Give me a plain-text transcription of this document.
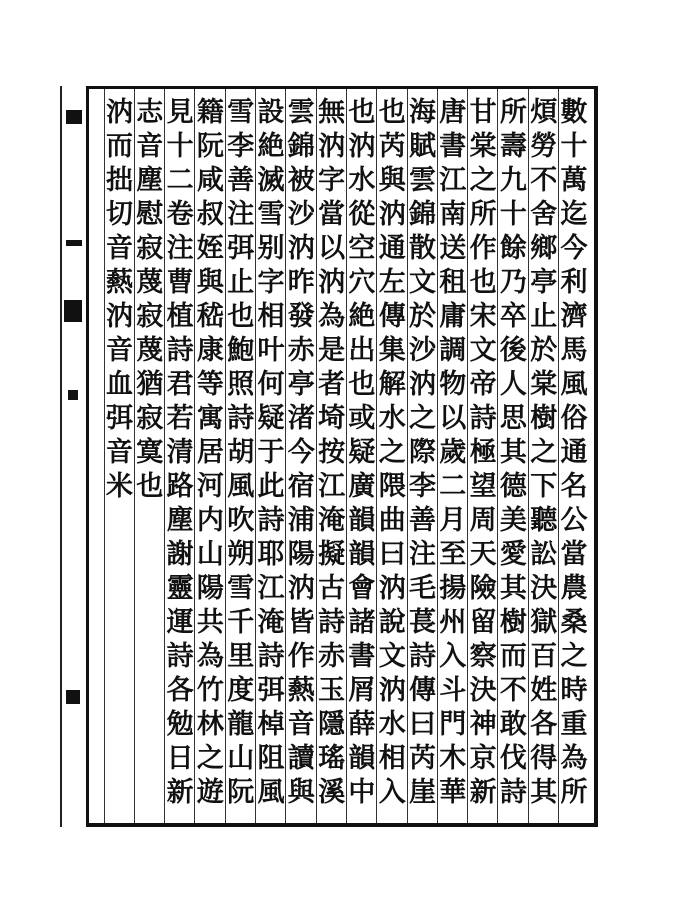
數
十
萬
迄
今
利
濟
馬
風
俗
通
名
公
當
農
桑
之
時
重
為
所
煩
勞
不
舍
鄉
亭
止
於
棠
樹
之
下
聽
訟
決
獄
百
姓
各
得
其
所
壽
九
十
餘
乃
卒
後
人
思
其
德
美
愛
其
樹
而
不
敢
伐
詩
甘
棠
之
所
作
也
宋
文
帝
詩
極
望
周
天
險
留
察
決
神
京
新
唐
書
江
南
送
租
庸
調
物
以
歲
二
月
至
揚
州
入
斗
門
木
華
海
賦
雲
錦
散
文
於
沙
汭
之
際
李
善
注
毛
萇
詩
傳
曰
芮
崖
也
芮
與
汭
通
左
傳
集
解
水
之
隈
曲
曰
汭
說
文
汭
水
相
入
也
汭
水
從
空
穴
絶
出
也
或
疑
廣
韻
韻
會
諸
書
屑
薛
韻
中
無
汭
字
當
以
汭
為
是
者
埼
按
江
淹
擬
古
詩
赤
玉
隱
瑤
溪
雲
錦
被
沙
汭
昨
發
赤
亭
渚
今
宿
浦
陽
汭
皆
作
爇
音
讀
與
設
絶
滅
雪
别
字
相
叶
何
疑
于
此
詩
耶
江
淹
詩
弭
棹
阻
風
雪
李
善
注
弭
止
也
鮑
照
詩
胡
風
吹
朔
雪
千
里
度
龍
山
阮
籍
阮
咸
叔
姪
與
嵇
康
等
寓
居
河
内
山
陽
共
為
竹
林
之
遊
見
十
二
卷
注
曹
植
詩
君
若
清
路
塵
謝
靈
運
詩
各
勉
日
新
志
音
塵
慰
寂
蔑
寂
蔑
猶
寂
寞
也
汭
而
拙
切
音
爇
汭
音
血
弭
音
米
